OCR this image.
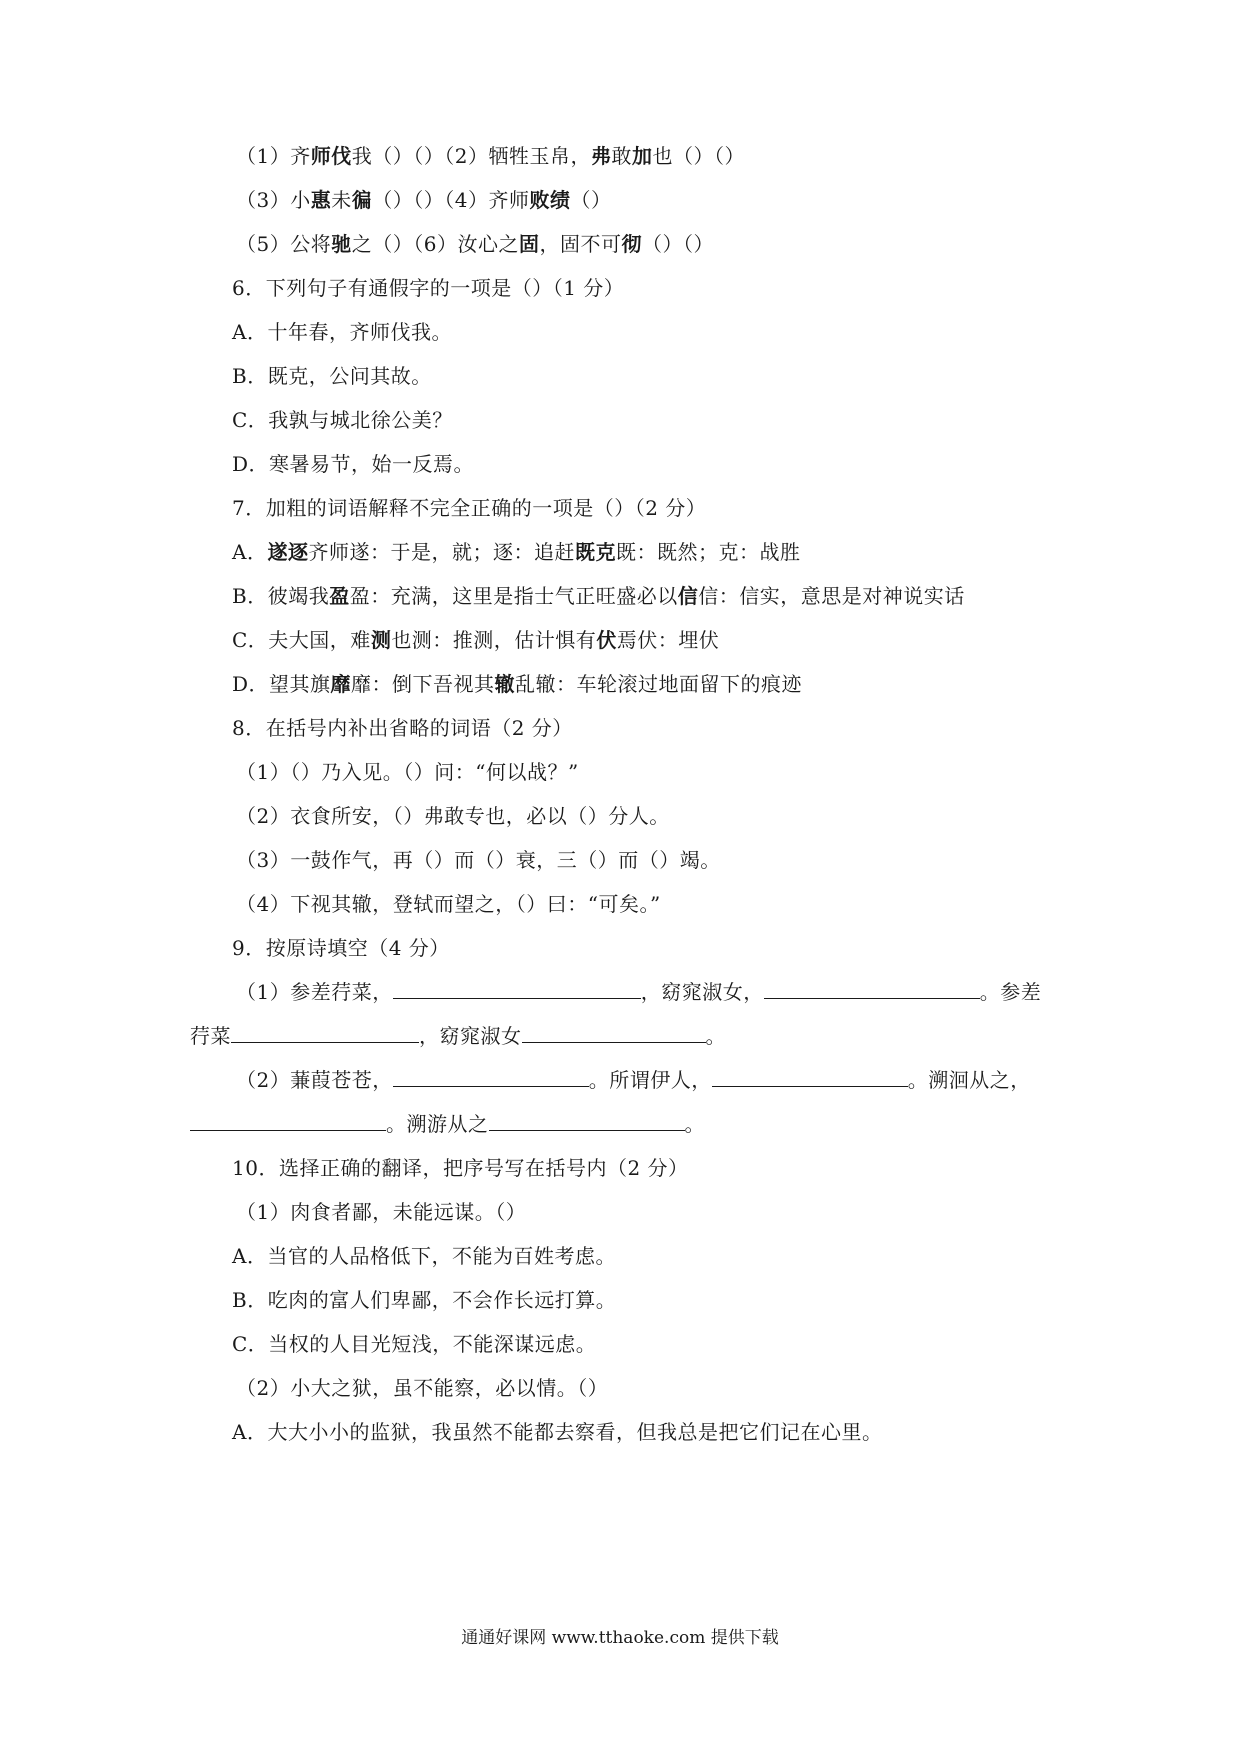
（1）齐师伐我（）（）（2）牺牲玉帛，弗敢加也（）（）
（3）小惠未徧（）（）（4）齐师败绩（）
（5）公将驰之（）（6）汝心之固，固不可彻（）（）
6．下列句子有通假字的一项是（）（1 分）
A．十年春，齐师伐我。
B．既克，公问其故。
C．我孰与城北徐公美？
D．寒暑易节，始一反焉。
7．加粗的词语解释不完全正确的一项是（）（2 分）
A．遂逐齐师遂：于是，就；逐：追赶既克既：既然；克：战胜
B．彼竭我盈盈：充满，这里是指士气正旺盛必以信信：信实，意思是对神说实话
C．夫大国，难测也测：推测，估计惧有伏焉伏：埋伏
D．望其旗靡靡：倒下吾视其辙乱辙：车轮滚过地面留下的痕迹
8．在括号内补出省略的词语（2 分）
（1）（）乃入见。（）问：“何以战？”
（2）衣食所安，（）弗敢专也，必以（）分人。
（3）一鼓作气，再（）而（）衰，三（）而（）竭。
（4）下视其辙，登轼而望之，（）曰：“可矣。”
9．按原诗填空（4 分）
（1）参差荇菜，	，窈窕淑女，	。参差
荇菜	，窈窕淑女	。
（2）蒹葭苍苍，	。所谓伊人，	。溯洄从之，
。溯游从之	。
10．选择正确的翻译，把序号写在括号内（2 分）
（1）肉食者鄙，未能远谋。（）
A．当官的人品格低下，不能为百姓考虑。
B．吃肉的富人们卑鄙，不会作长远打算。
C．当权的人目光短浅，不能深谋远虑。
（2）小大之狱，虽不能察，必以情。（）
A．大大小小的监狱，我虽然不能都去察看，但我总是把它们记在心里。
通通好课网 www.tthaoke.com 提供下载
